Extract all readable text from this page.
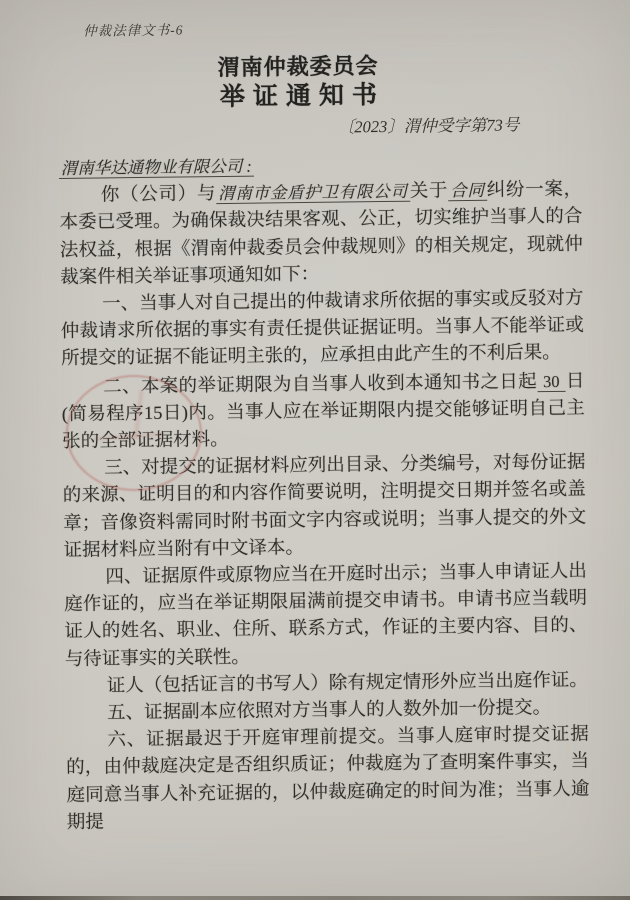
仲裁法律文书-6
渭南仲裁委员会
举证通知书
〔2023〕渭仲受字第73号

渭南华达通物业有限公司 :

你（公司）与 渭南市金盾护卫有限公司关于 合同纠纷一案，本委已受理。为确保裁决结果客观、公正，切实维护当事人的合法权益，根据《渭南仲裁委员会仲裁规则》的相关规定，现就仲裁案件相关举证事项通知如下：

一、当事人对自己提出的仲裁请求所依据的事实或反驳对方仲裁请求所依据的事实有责任提供证据证明。当事人不能举证或所提交的证据不能证明主张的，应承担由此产生的不利后果。

二、本案的举证期限为自当事人收到本通知书之日起 30 日(简易程序15日)内。当事人应在举证期限内提交能够证明自己主张的全部证据材料。

三、对提交的证据材料应列出目录、分类编号，对每份证据的来源、证明目的和内容作简要说明，注明提交日期并签名或盖章；音像资料需同时附书面文字内容或说明；当事人提交的外文证据材料应当附有中文译本。

四、证据原件或原物应当在开庭时出示；当事人申请证人出庭作证的，应当在举证期限届满前提交申请书。申请书应当载明证人的姓名、职业、住所、联系方式，作证的主要内容、目的、与待证事实的关联性。

证人（包括证言的书写人）除有规定情形外应当出庭作证。

五、证据副本应依照对方当事人的人数外加一份提交。

六、证据最迟于开庭审理前提交。当事人庭审时提交证据的，由仲裁庭决定是否组织质证；仲裁庭为了查明案件事实，当庭同意当事人补充证据的，以仲裁庭确定的时间为准；当事人逾期提
